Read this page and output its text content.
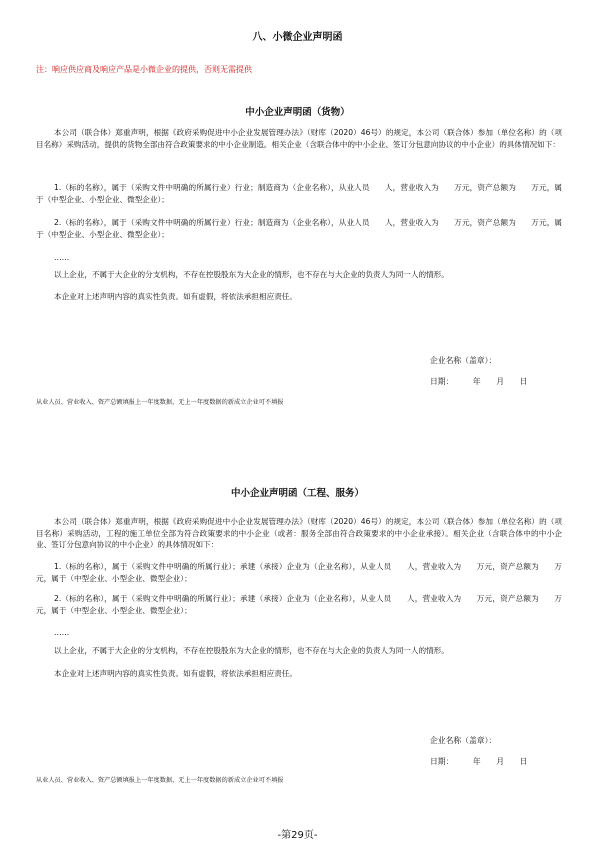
八、小微企业声明函

注：响应供应商及响应产品是小微企业的提供，否则无需提供

中小企业声明函（货物）

本公司（联合体）郑重声明，根据《政府采购促进中小企业发展管理办法》（财库（2020）46号）的规定，本公司（联合体）参加（单位名称）的（项目名称）采购活动，提供的货物全部由符合政策要求的中小企业制造。相关企业（含联合体中的中小企业、签订分包意向协议的中小企业）的具体情况如下：

1.（标的名称），属于（采购文件中明确的所属行业）行业；制造商为（企业名称），从业人员　　人，营业收入为　　万元，资产总额为　　万元，属于（中型企业、小型企业、微型企业）；

2.（标的名称），属于（采购文件中明确的所属行业）行业；制造商为（企业名称），从业人员　　人，营业收入为　　万元，资产总额为　　万元，属于（中型企业、小型企业、微型企业）；

……

以上企业，不属于大企业的分支机构，不存在控股股东为大企业的情形，也不存在与大企业的负责人为同一人的情形。

本企业对上述声明内容的真实性负责。如有虚假，将依法承担相应责任。

企业名称（盖章）：

日期：　　　年　　月　　日

从业人员、营业收入、资产总额填报上一年度数据，无上一年度数据的新成立企业可不填报

中小企业声明函（工程、服务）

本公司（联合体）郑重声明，根据《政府采购促进中小企业发展管理办法》（财库（2020）46号）的规定，本公司（联合体）参加（单位名称）的（项目名称）采购活动，工程的施工单位全部为符合政策要求的中小企业（或者：服务全部由符合政策要求的中小企业承接）。相关企业（含联合体中的中小企业、签订分包意向协议的中小企业）的具体情况如下：

1.（标的名称），属于（采购文件中明确的所属行业）；承建（承接）企业为（企业名称），从业人员　　人，营业收入为　　万元，资产总额为　　万元，属于（中型企业、小型企业、微型企业）；

2.（标的名称），属于（采购文件中明确的所属行业）；承建（承接）企业为（企业名称），从业人员　　人，营业收入为　　万元，资产总额为　　万元，属于（中型企业、小型企业、微型企业）；

……

以上企业，不属于大企业的分支机构，不存在控股股东为大企业的情形，也不存在与大企业的负责人为同一人的情形。

本企业对上述声明内容的真实性负责。如有虚假，将依法承担相应责任。

企业名称（盖章）：

日期：　　　年　　月　　日

从业人员、营业收入、资产总额填报上一年度数据，无上一年度数据的新成立企业可不填报

-第29页-
